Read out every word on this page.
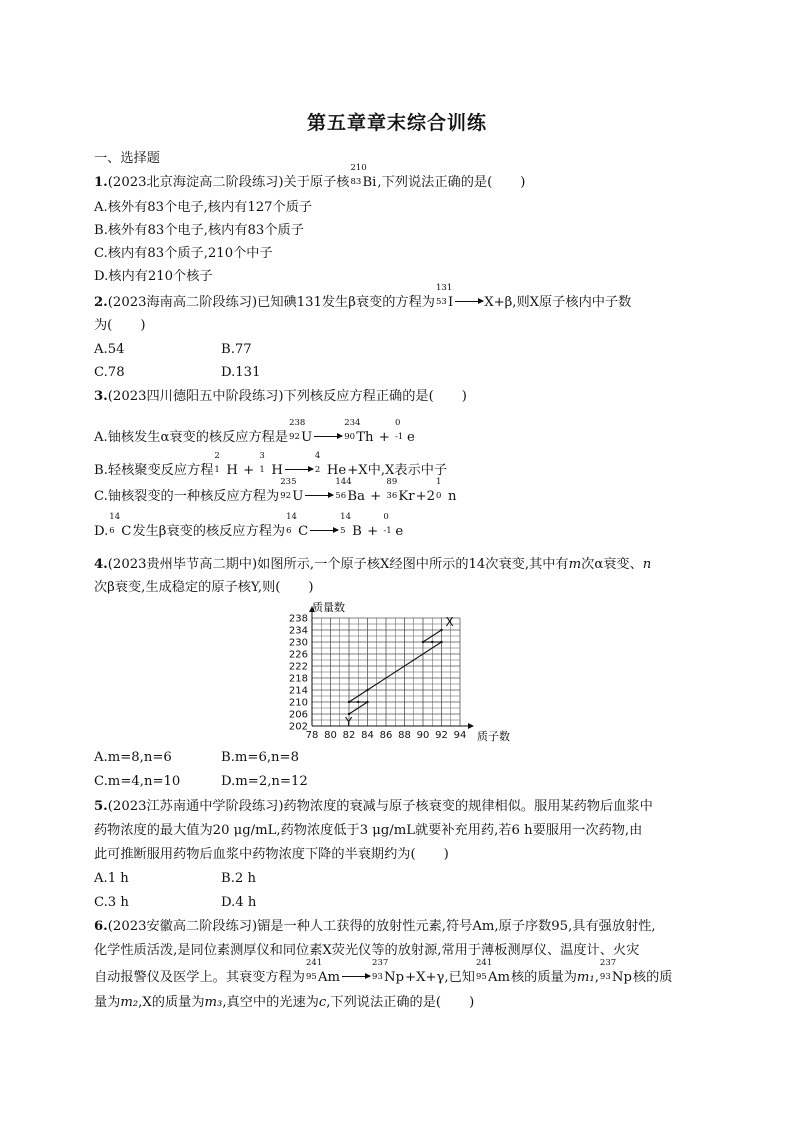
第五章章末综合训练
一、选择题
1.(2023北京海淀高二阶段练习)关于原子核
210
83 Bi,下列说法正确的是( )
A.核外有83个电子,核内有127个质子
B.核外有83个电子,核内有83个质子
C.核内有83个质子,210个中子
D.核内有210个核子
2.(2023海南高二阶段练习)已知碘131发生β衰变的方程为
131
53 I X+β,则X原子核内中子数
为( )
A.54	B.77
C.78	D.131
3.(2023四川德阳五中阶段练习)下列核反应方程正确的是( )
A.铀核发生α衰变的核反应方程是
238
92 U
234
90 Th +
0
-1 e
B.轻核聚变反应方程
2
1 H +
3
1 H
4
2 He+X中,X表示中子
C.铀核裂变的一种核反应方程为
235
92 U
144
56 Ba +
89
36 Kr+2
1
0 n
D.
14
6 C发生β衰变的核反应方程为
14
6 C
14
5 B +
0
-1 e
4.(2023贵州毕节高二期中)如图所示,一个原子核X经图中所示的14次衰变,其中有m次α衰变、n
次β衰变,生成稳定的原子核Y,则( )
238
234
230
226
222
218
214
210
206
202
78 80 82 84 86 88 90 92 94
X
Y
质量数
质子数
A.m=8,n=6	B.m=6,n=8
C.m=4,n=10	D.m=2,n=12
5.(2023江苏南通中学阶段练习)药物浓度的衰减与原子核衰变的规律相似。服用某药物后血浆中
药物浓度的最大值为20 μg/mL,药物浓度低于3 μg/mL就要补充用药,若6 h要服用一次药物,由
此可推断服用药物后血浆中药物浓度下降的半衰期约为( )
A.1 h	B.2 h
C.3 h	D.4 h
6.(2023安徽高二阶段练习)镅是一种人工获得的放射性元素,符号Am,原子序数95,具有强放射性,
化学性质活泼,是同位素测厚仪和同位素X荧光仪等的放射源,常用于薄板测厚仪、温度计、火灾
自动报警仪及医学上。其衰变方程为
241
95 Am
237
93 Np+X+γ,已知
241
95 Am核的质量为m₁,
237
93 Np核的质
量为m₂,X的质量为m₃,真空中的光速为c,下列说法正确的是( )
